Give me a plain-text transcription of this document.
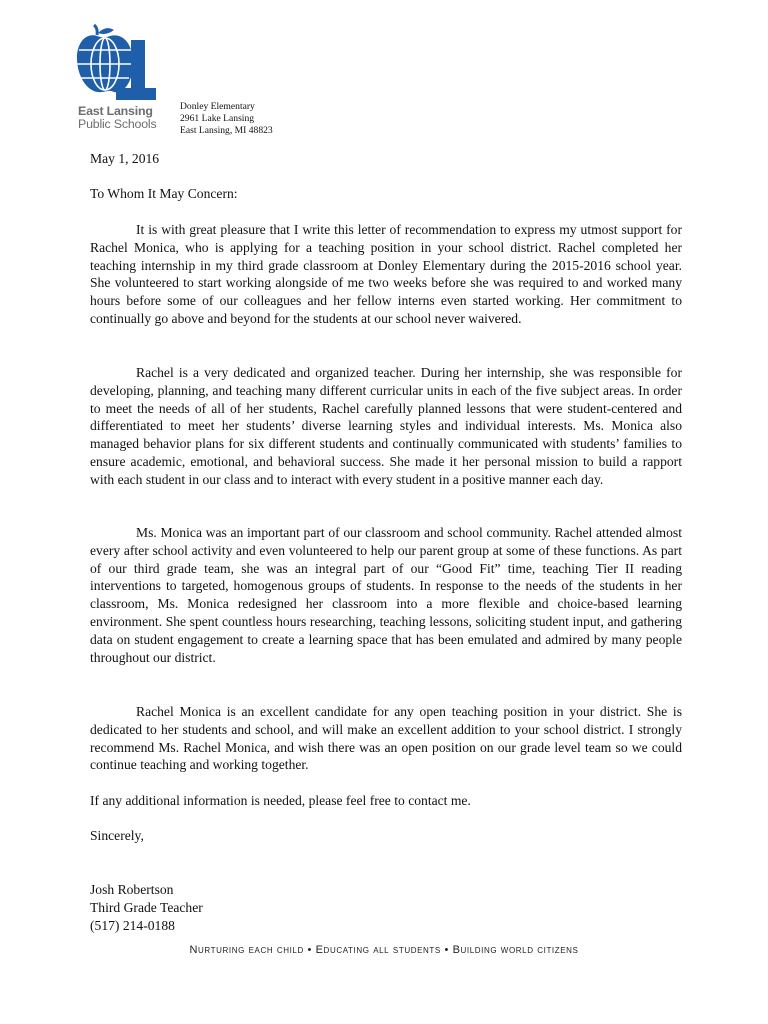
East Lansing
Public Schools
Donley Elementary
2961 Lake Lansing
East Lansing, MI 48823
May 1, 2016
To Whom It May Concern:
It is with great pleasure that I write this letter of recommendation to express my utmost support for Rachel Monica, who is applying for a teaching position in your school district. Rachel completed her teaching internship in my third grade classroom at Donley Elementary during the 2015-2016 school year. She volunteered to start working alongside of me two weeks before she was required to and worked many hours before some of our colleagues and her fellow interns even started working. Her commitment to continually go above and beyond for the students at our school never waivered.
Rachel is a very dedicated and organized teacher. During her internship, she was responsible for developing, planning, and teaching many different curricular units in each of the five subject areas. In order to meet the needs of all of her students, Rachel carefully planned lessons that were student-centered and differentiated to meet her students’ diverse learning styles and individual interests. Ms. Monica also managed behavior plans for six different students and continually communicated with students’ families to ensure academic, emotional, and behavioral success. She made it her personal mission to build a rapport with each student in our class and to interact with every student in a positive manner each day.
Ms. Monica was an important part of our classroom and school community. Rachel attended almost every after school activity and even volunteered to help our parent group at some of these functions. As part of our third grade team, she was an integral part of our “Good Fit” time, teaching Tier II reading interventions to targeted, homogenous groups of students. In response to the needs of the students in her classroom, Ms. Monica redesigned her classroom into a more flexible and choice-based learning environment. She spent countless hours researching, teaching lessons, soliciting student input, and gathering data on student engagement to create a learning space that has been emulated and admired by many people throughout our district.
Rachel Monica is an excellent candidate for any open teaching position in your district. She is dedicated to her students and school, and will make an excellent addition to your school district. I strongly recommend Ms. Rachel Monica, and wish there was an open position on our grade level team so we could continue teaching and working together.
If any additional information is needed, please feel free to contact me.
Sincerely,
Josh Robertson
Third Grade Teacher
(517) 214-0188
Nurturing each child • Educating all students • Building world citizens
